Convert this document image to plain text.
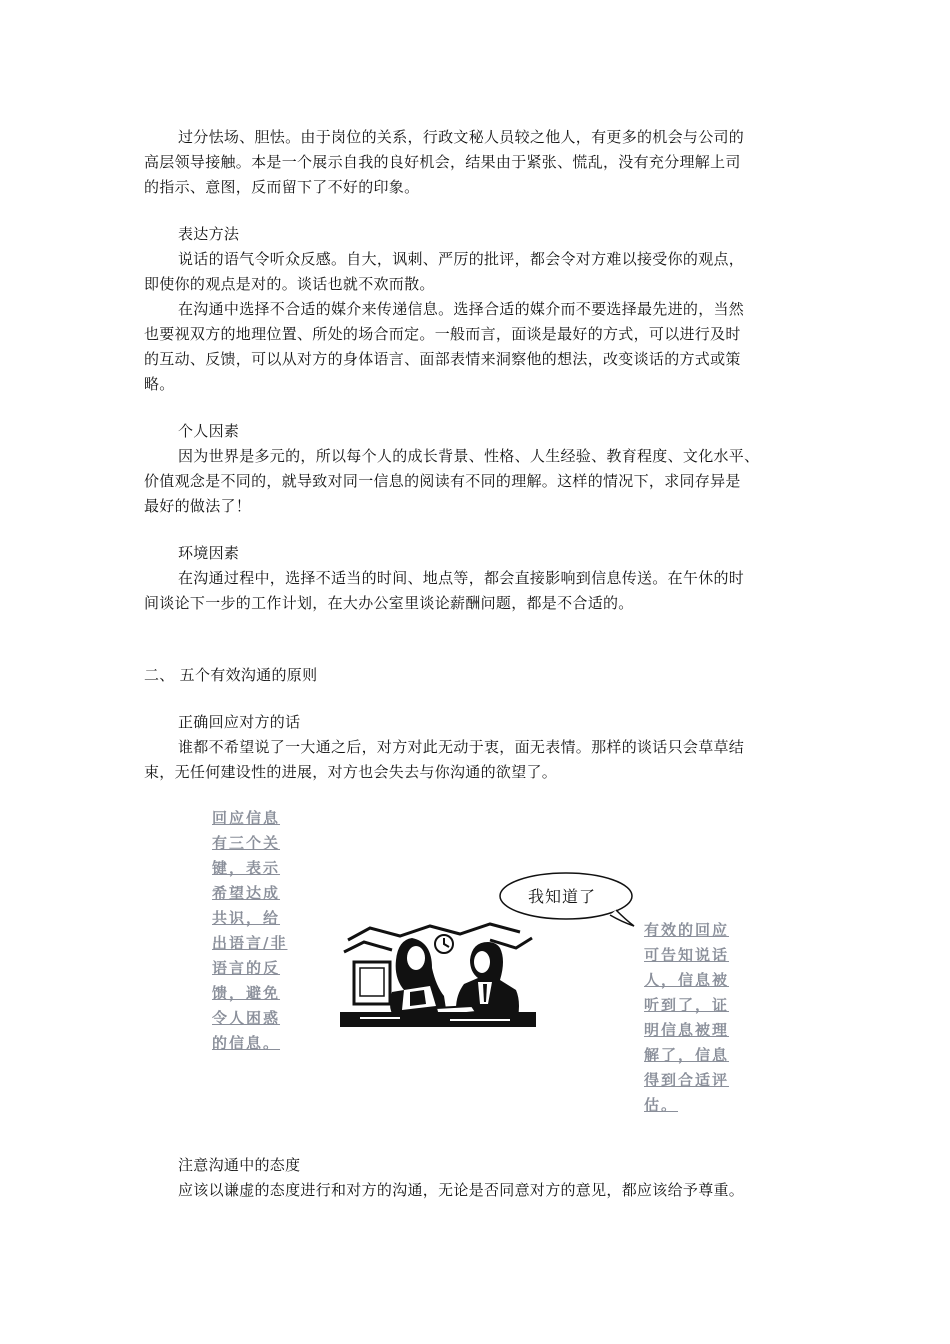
过分怯场、胆怯。由于岗位的关系，行政文秘人员较之他人，有更多的机会与公司的
高层领导接触。本是一个展示自我的良好机会，结果由于紧张、慌乱，没有充分理解上司
的指示、意图，反而留下了不好的印象。
表达方法
说话的语气令听众反感。自大，讽刺、严厉的批评，都会令对方难以接受你的观点，
即使你的观点是对的。谈话也就不欢而散。
在沟通中选择不合适的媒介来传递信息。选择合适的媒介而不要选择最先进的，当然
也要视双方的地理位置、所处的场合而定。一般而言，面谈是最好的方式，可以进行及时
的互动、反馈，可以从对方的身体语言、面部表情来洞察他的想法，改变谈话的方式或策
略。
个人因素
因为世界是多元的，所以每个人的成长背景、性格、人生经验、教育程度、文化水平、
价值观念是不同的，就导致对同一信息的阅读有不同的理解。这样的情况下，求同存异是
最好的做法了！
环境因素
在沟通过程中，选择不适当的时间、地点等，都会直接影响到信息传送。在午休的时
间谈论下一步的工作计划，在大办公室里谈论薪酬问题，都是不合适的。
二、 五个有效沟通的原则
正确回应对方的话
谁都不希望说了一大通之后，对方对此无动于衷，面无表情。那样的谈话只会草草结
束，无任何建设性的进展，对方也会失去与你沟通的欲望了。
回应信息有三个关键，表示希望达成共识，给出语言/非语言的反馈，避免令人困惑的信息。
我知道了
有效的回应可告知说话人，信息被听到了，证明信息被理解了，信息得到合适评估。
注意沟通中的态度
应该以谦虚的态度进行和对方的沟通，无论是否同意对方的意见，都应该给予尊重。
